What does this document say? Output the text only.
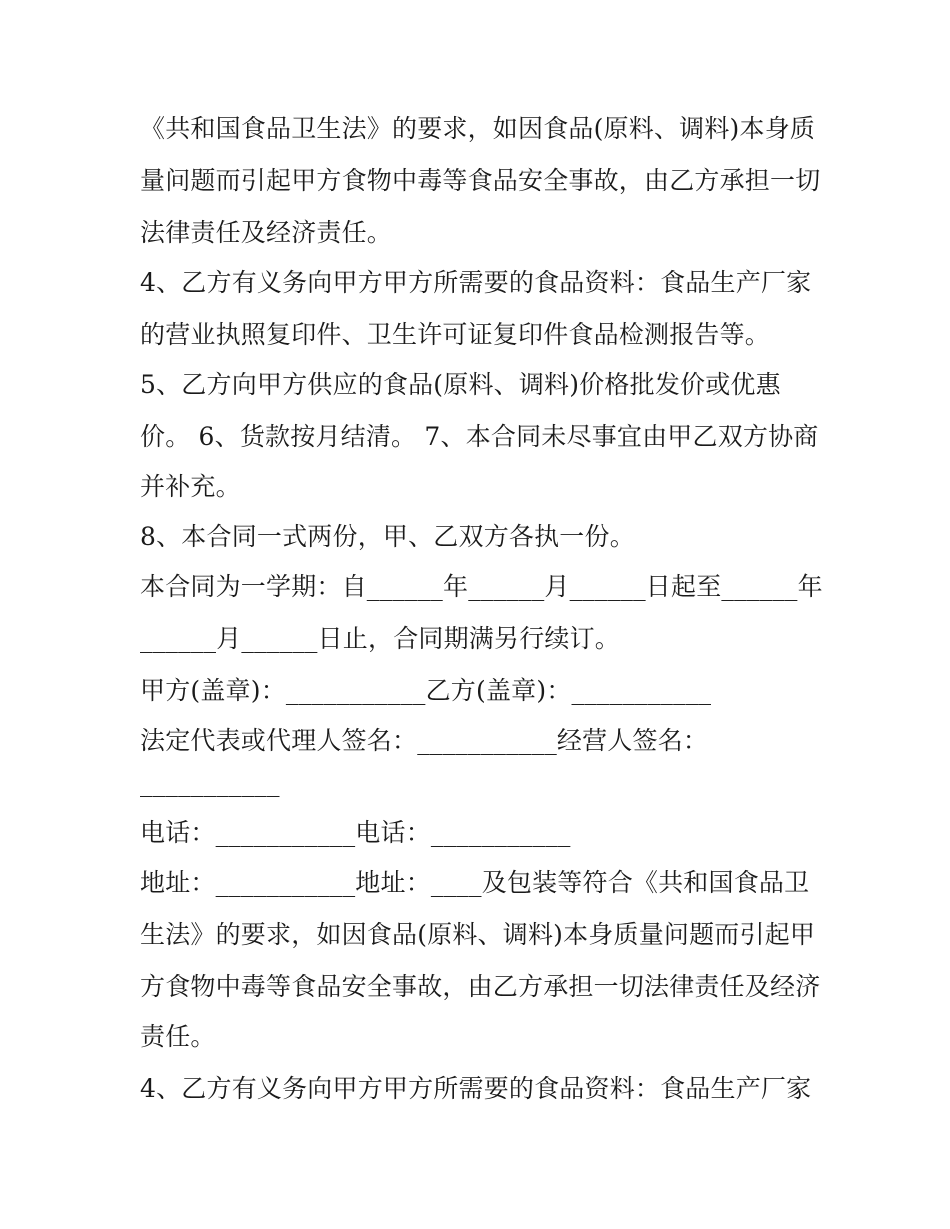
《共和国食品卫生法》的要求，如因食品(原料、调料)本身质
量问题而引起甲方食物中毒等食品安全事故，由乙方承担一切
法律责任及经济责任。
4、乙方有义务向甲方甲方所需要的食品资料：食品生产厂家
的营业执照复印件、卫生许可证复印件食品检测报告等。
5、乙方向甲方供应的食品(原料、调料)价格批发价或优惠
价。 6、货款按月结清。 7、本合同未尽事宜由甲乙双方协商
并补充。
8、本合同一式两份，甲、乙双方各执一份。
本合同为一学期：自______年______月______日起至______年
______月______日止，合同期满另行续订。
甲方(盖章)：___________乙方(盖章)：___________
法定代表或代理人签名：___________经营人签名：
___________
电话：___________电话：___________
地址：___________地址：____及包装等符合《共和国食品卫
生法》的要求，如因食品(原料、调料)本身质量问题而引起甲
方食物中毒等食品安全事故，由乙方承担一切法律责任及经济
责任。
4、乙方有义务向甲方甲方所需要的食品资料：食品生产厂家
